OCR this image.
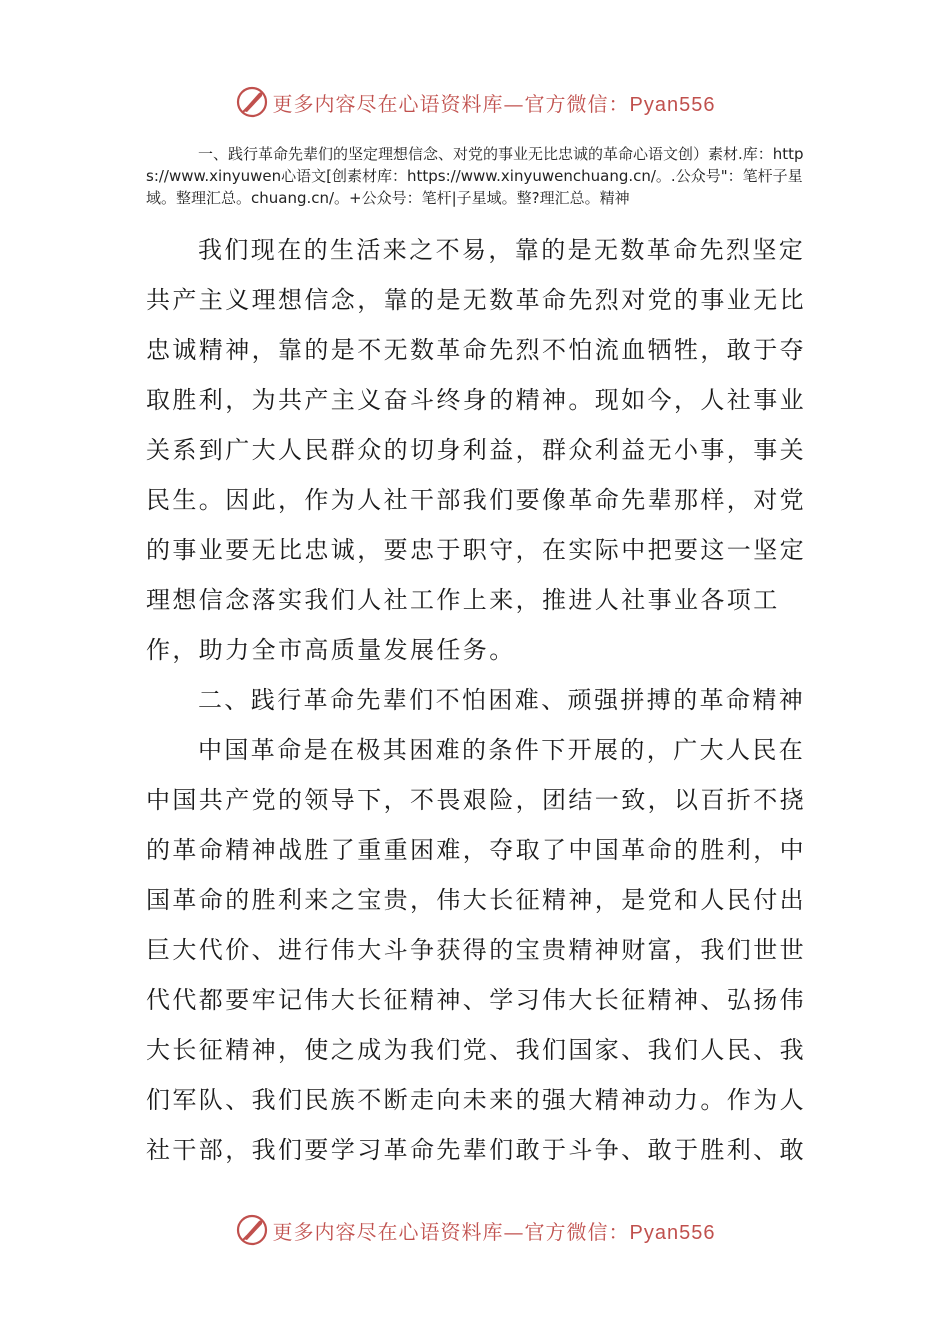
更多内容尽在心语资料库—官方微信：Pyan556

一、践行革命先辈们的坚定理想信念、对党的事业无比忠诚的革命心语文创）素材.库：https://www.xinyuwen心语文[创素材库：https://www.xinyuwenchuang.cn/。.公众号"：笔杆子星域。整理汇总。chuang.cn/。+公众号：笔杆|子星域。整?理汇总。精神

我们现在的生活来之不易，靠的是无数革命先烈坚定共产主义理想信念，靠的是无数革命先烈对党的事业无比忠诚精神，靠的是不无数革命先烈不怕流血牺牲，敢于夺取胜利，为共产主义奋斗终身的精神。现如今，人社事业关系到广大人民群众的切身利益，群众利益无小事，事关民生。因此，作为人社干部我们要像革命先辈那样，对党的事业要无比忠诚，要忠于职守，在实际中把要这一坚定理想信念落实我们人社工作上来，推进人社事业各项工作，助力全市高质量发展任务。

二、践行革命先辈们不怕困难、顽强拼搏的革命精神

中国革命是在极其困难的条件下开展的，广大人民在中国共产党的领导下，不畏艰险，团结一致，以百折不挠的革命精神战胜了重重困难，夺取了中国革命的胜利，中国革命的胜利来之宝贵，伟大长征精神，是党和人民付出巨大代价、进行伟大斗争获得的宝贵精神财富，我们世世代代都要牢记伟大长征精神、学习伟大长征精神、弘扬伟大长征精神，使之成为我们党、我们国家、我们人民、我们军队、我们民族不断走向未来的强大精神动力。作为人社干部，我们要学习革命先辈们敢于斗争、敢于胜利、敢

更多内容尽在心语资料库—官方微信：Pyan556
